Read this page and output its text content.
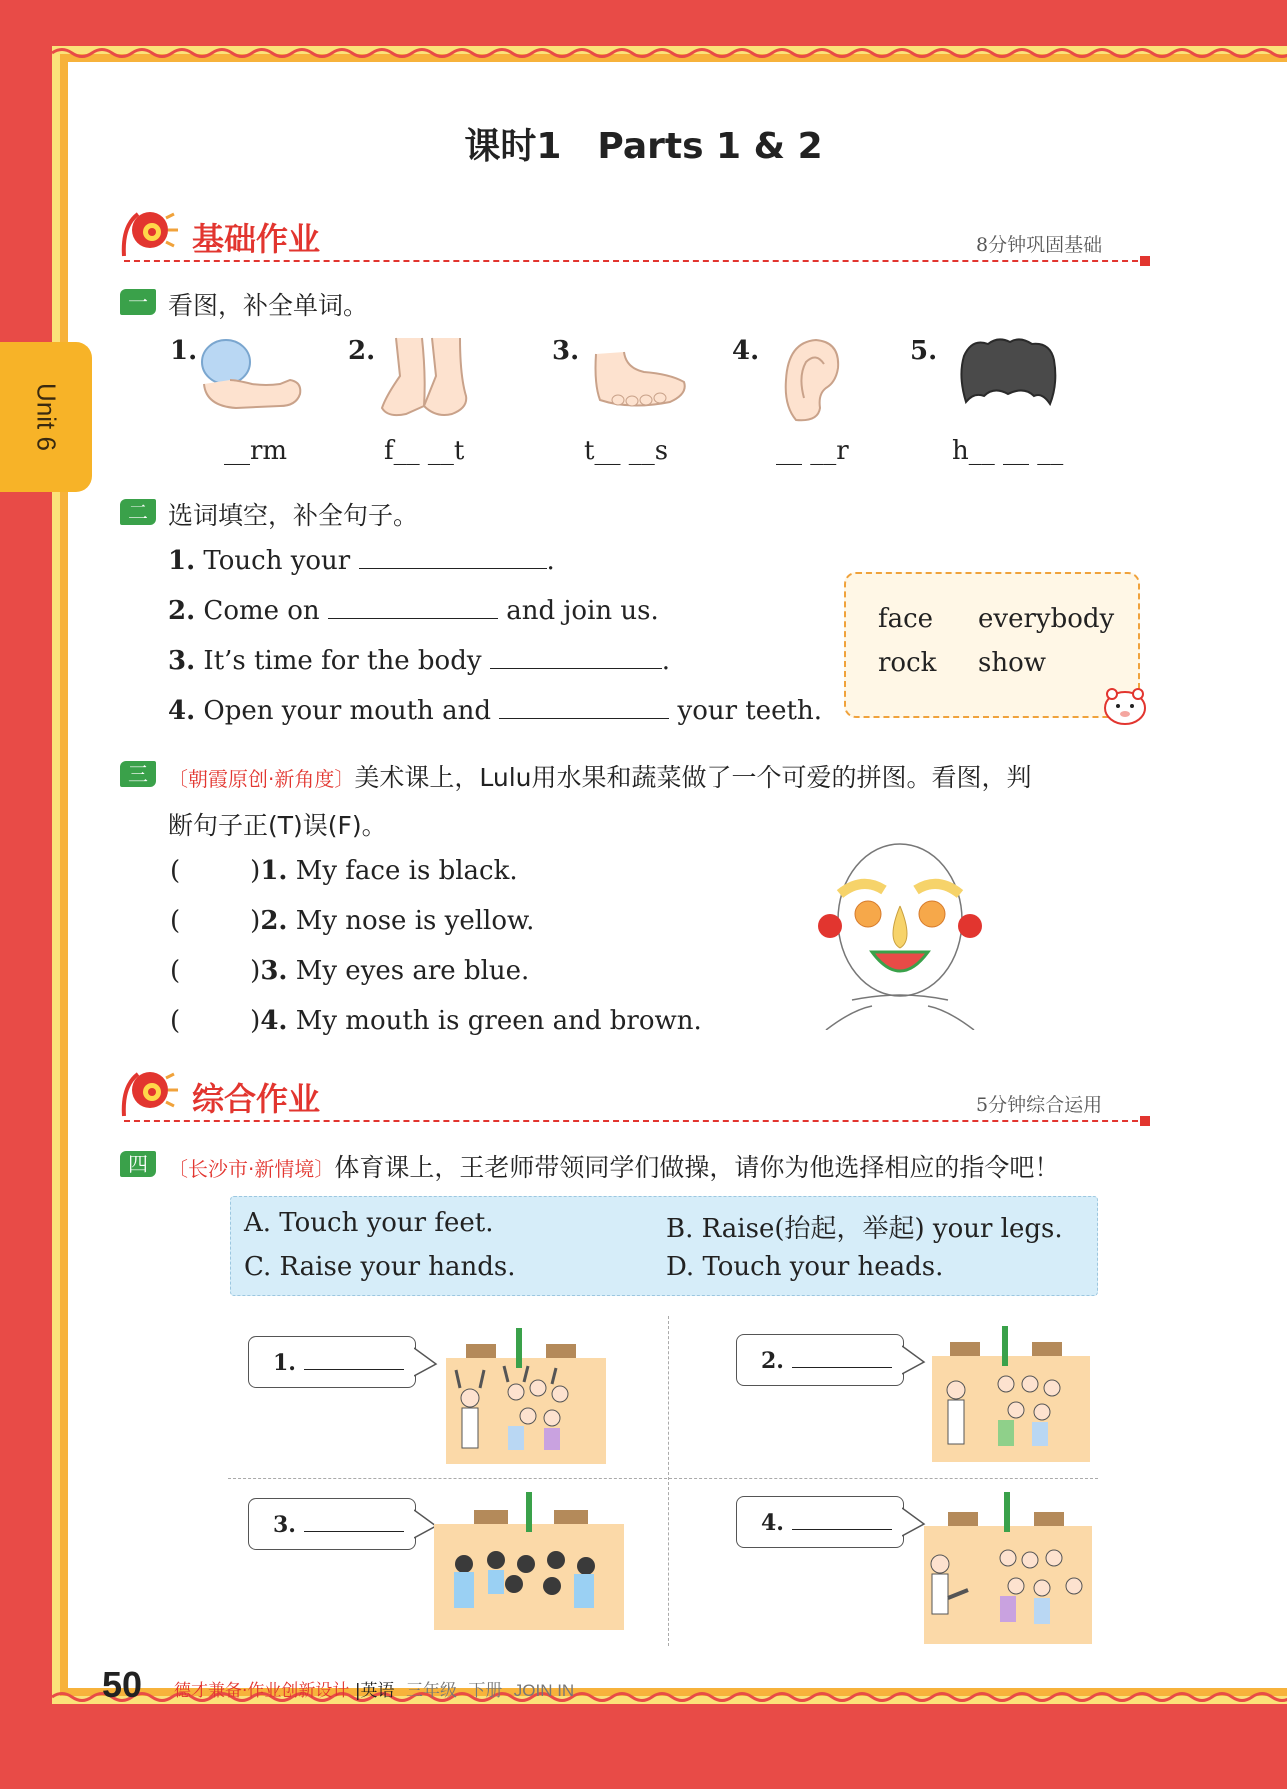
Unit 6
课时1　Parts 1 & 2
基础作业	8分钟巩固基础
一 看图，补全单词。
1.
__rm
2.
f__ __t
3.
t__ __s
4.
__ __r
5.
h__ __ __
二 选词填空，补全句子。
1. Touch your	.
2. Come on	and join us.
3. It’s time for the body	.
4. Open your mouth and	your teeth.
face everybody
rock show
三	〔朝霞原创·新角度〕美术课上，Lulu用水果和蔬菜做了一个可爱的拼图。看图，判
断句子正(T)误(F)。
(	)1. My face is black.
(	)2. My nose is yellow.
(	)3. My eyes are blue.
(	)4. My mouth is green and brown.
综合作业	5分钟综合运用
四	〔长沙市·新情境〕体育课上，王老师带领同学们做操，请你为他选择相应的指令吧！
A. Touch your feet.	B. Raise(抬起，举起) your legs.
C. Raise your hands.	D. Touch your heads.
1.	2.
3.	4.
50 德才兼备·作业创新设计 |英语 三年级 下册 JOIN IN
